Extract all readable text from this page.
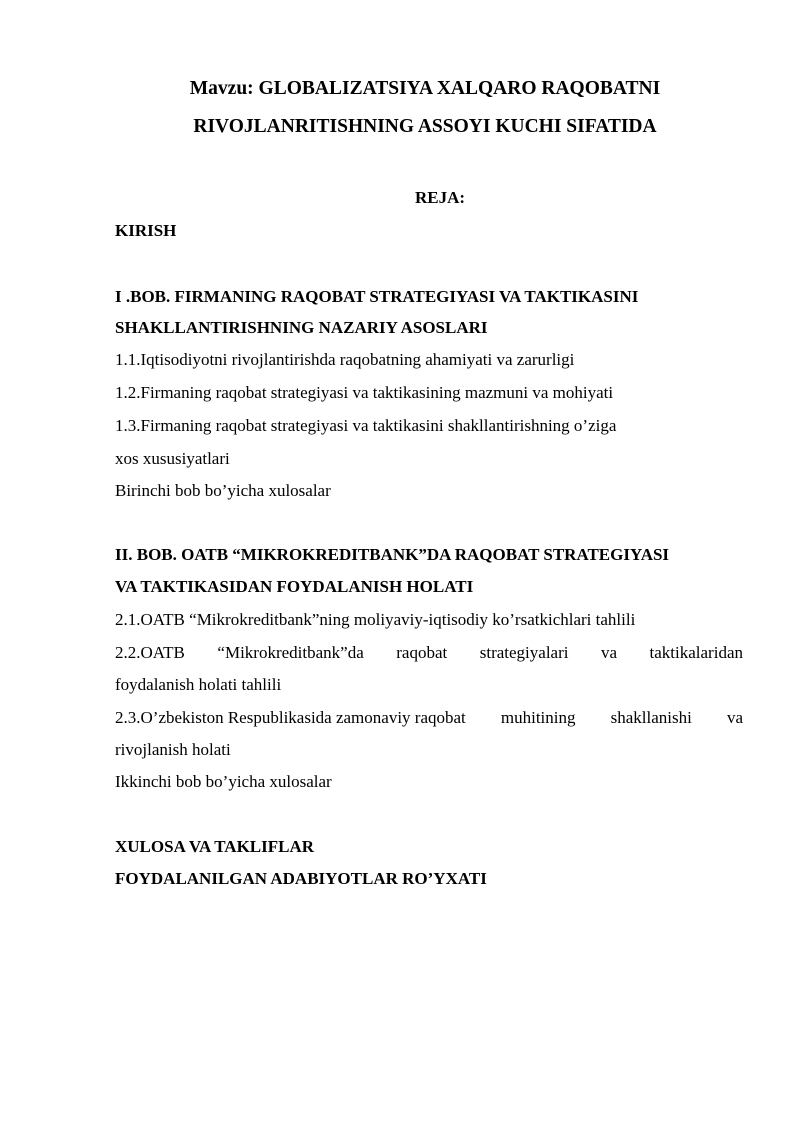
Mavzu: GLOBALIZATSIYA XALQARO RAQOBATNI
RIVOJLANRITISHNING ASSOYI KUCHI SIFATIDA
REJA:
KIRISH
I .BOB. FIRMANING RAQOBAT STRATEGIYASI VA TAKTIKASINI
SHAKLLANTIRISHNING NAZARIY ASOSLARI
1.1.Iqtisodiyotni rivojlantirishda raqobatning ahamiyati va zarurligi
1.2.Firmaning raqobat strategiyasi va taktikasining mazmuni va mohiyati
1.3.Firmaning raqobat strategiyasi va taktikasini shakllantirishning o’ziga
xos xususiyatlari
Birinchi bob bo’yicha xulosalar
II. BOB. OATB “MIKROKREDITBANK”DA RAQOBAT STRATEGIYASI
VA TAKTIKASIDAN FOYDALANISH HOLATI
2.1.OATB “Mikrokreditbank”ning moliyaviy-iqtisodiy ko’rsatkichlari tahlili
2.2.OATB “Mikrokreditbank”da raqobat strategiyalari va taktikalaridan
foydalanish holati tahlili
2.3.O’zbekiston Respublikasida zamonaviy raqobat muhitining shakllanishi va
rivojlanish holati
Ikkinchi bob bo’yicha xulosalar
XULOSA VA TAKLIFLAR
FOYDALANILGAN ADABIYOTLAR RO’YXATI
